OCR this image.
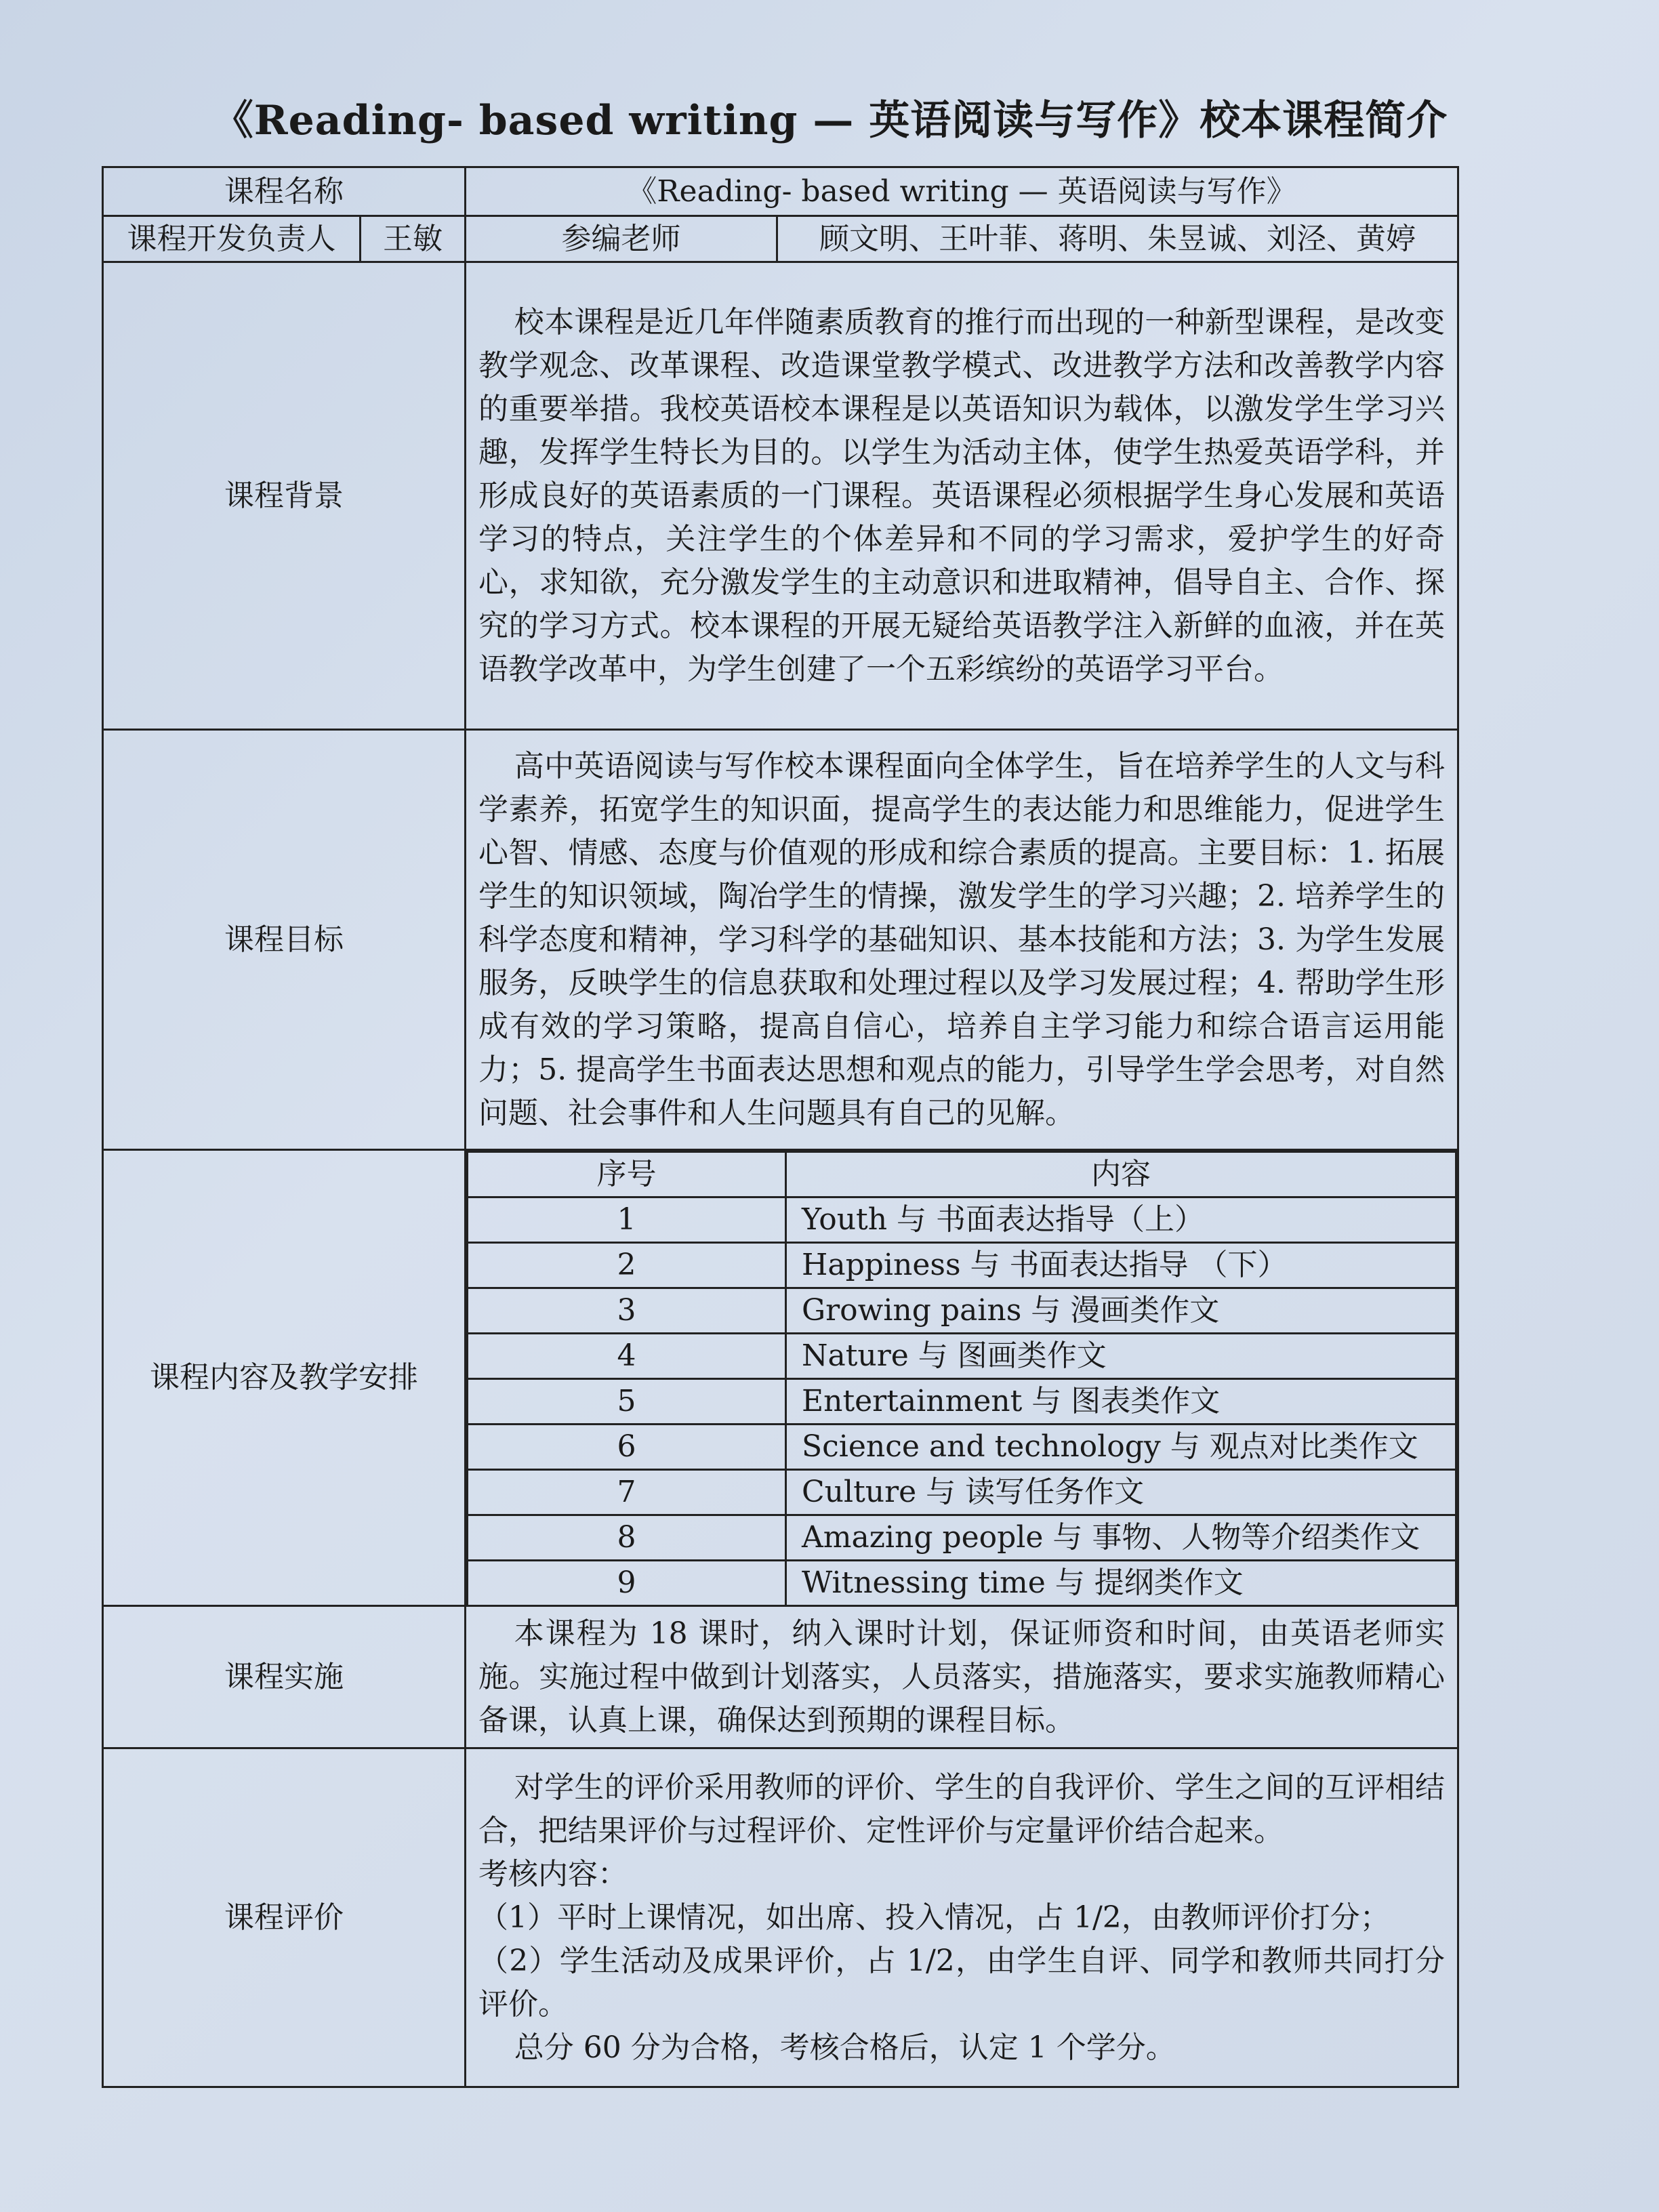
《Reading- based writing — 英语阅读与写作》校本课程简介
课程名称	《Reading- based writing — 英语阅读与写作》
课程开发负责人	王敏	参编老师	顾文明、王叶菲、蒋明、朱昱诚、刘泾、黄婷
课程背景	

校本课程是近几年伴随素质教育的推行而出现的一种新型课程，是改变教学观念、改革课程、改造课堂教学模式、改进教学方法和改善教学内容的重要举措。我校英语校本课程是以英语知识为载体，以激发学生学习兴趣，发挥学生特长为目的。以学生为活动主体，使学生热爱英语学科，并形成良好的英语素质的一门课程。英语课程必须根据学生身心发展和英语学习的特点，关注学生的个体差异和不同的学习需求，爱护学生的好奇心，求知欲，充分激发学生的主动意识和进取精神，倡导自主、合作、探究的学习方式。校本课程的开展无疑给英语教学注入新鲜的血液，并在英语教学改革中，为学生创建了一个五彩缤纷的英语学习平台。

课程目标	

高中英语阅读与写作校本课程面向全体学生，旨在培养学生的人文与科学素养，拓宽学生的知识面，提高学生的表达能力和思维能力，促进学生心智、情感、态度与价值观的形成和综合素质的提高。主要目标：1. 拓展学生的知识领域，陶冶学生的情操，激发学生的学习兴趣；2. 培养学生的科学态度和精神，学习科学的基础知识、基本技能和方法；3. 为学生发展服务，反映学生的信息获取和处理过程以及学习发展过程；4. 帮助学生形成有效的学习策略，提高自信心，培养自主学习能力和综合语言运用能力；5. 提高学生书面表达思想和观点的能力，引导学生学会思考，对自然问题、社会事件和人生问题具有自己的见解。

课程内容及教学安排	
序号	内容
1	Youth 与 书面表达指导（上）
2	Happiness 与 书面表达指导 （下）
3	Growing pains 与 漫画类作文
4	Nature 与 图画类作文
5	Entertainment 与 图表类作文
6	Science and technology 与 观点对比类作文
7	Culture 与 读写任务作文
8	Amazing people 与 事物、人物等介绍类作文
9	Witnessing time 与 提纲类作文

课程实施	

本课程为 18 课时，纳入课时计划，保证师资和时间，由英语老师实施。实施过程中做到计划落实，人员落实，措施落实，要求实施教师精心备课，认真上课，确保达到预期的课程目标。

课程评价	

对学生的评价采用教师的评价、学生的自我评价、学生之间的互评相结合，把结果评价与过程评价、定性评价与定量评价结合起来。

考核内容：

（1）平时上课情况，如出席、投入情况，占 1/2，由教师评价打分；

（2）学生活动及成果评价，占 1/2，由学生自评、同学和教师共同打分评价。

总分 60 分为合格，考核合格后，认定 1 个学分。
